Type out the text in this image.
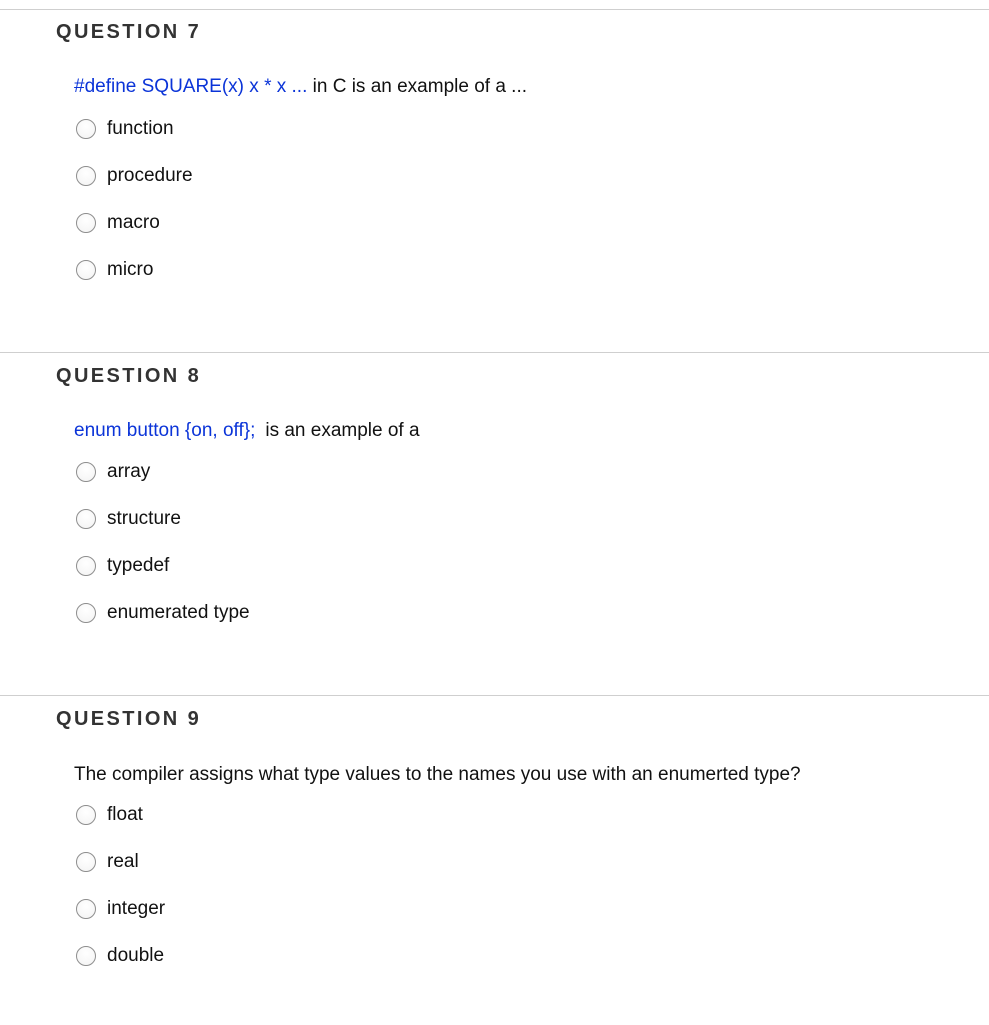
QUESTION 7
#define SQUARE(x) x * x ... in C is an example of a ...
function
procedure
macro
micro
QUESTION 8
enum button {on, off}; is an example of a
array
structure
typedef
enumerated type
QUESTION 9
The compiler assigns what type values to the names you use with an enumerted type?
float
real
integer
double
